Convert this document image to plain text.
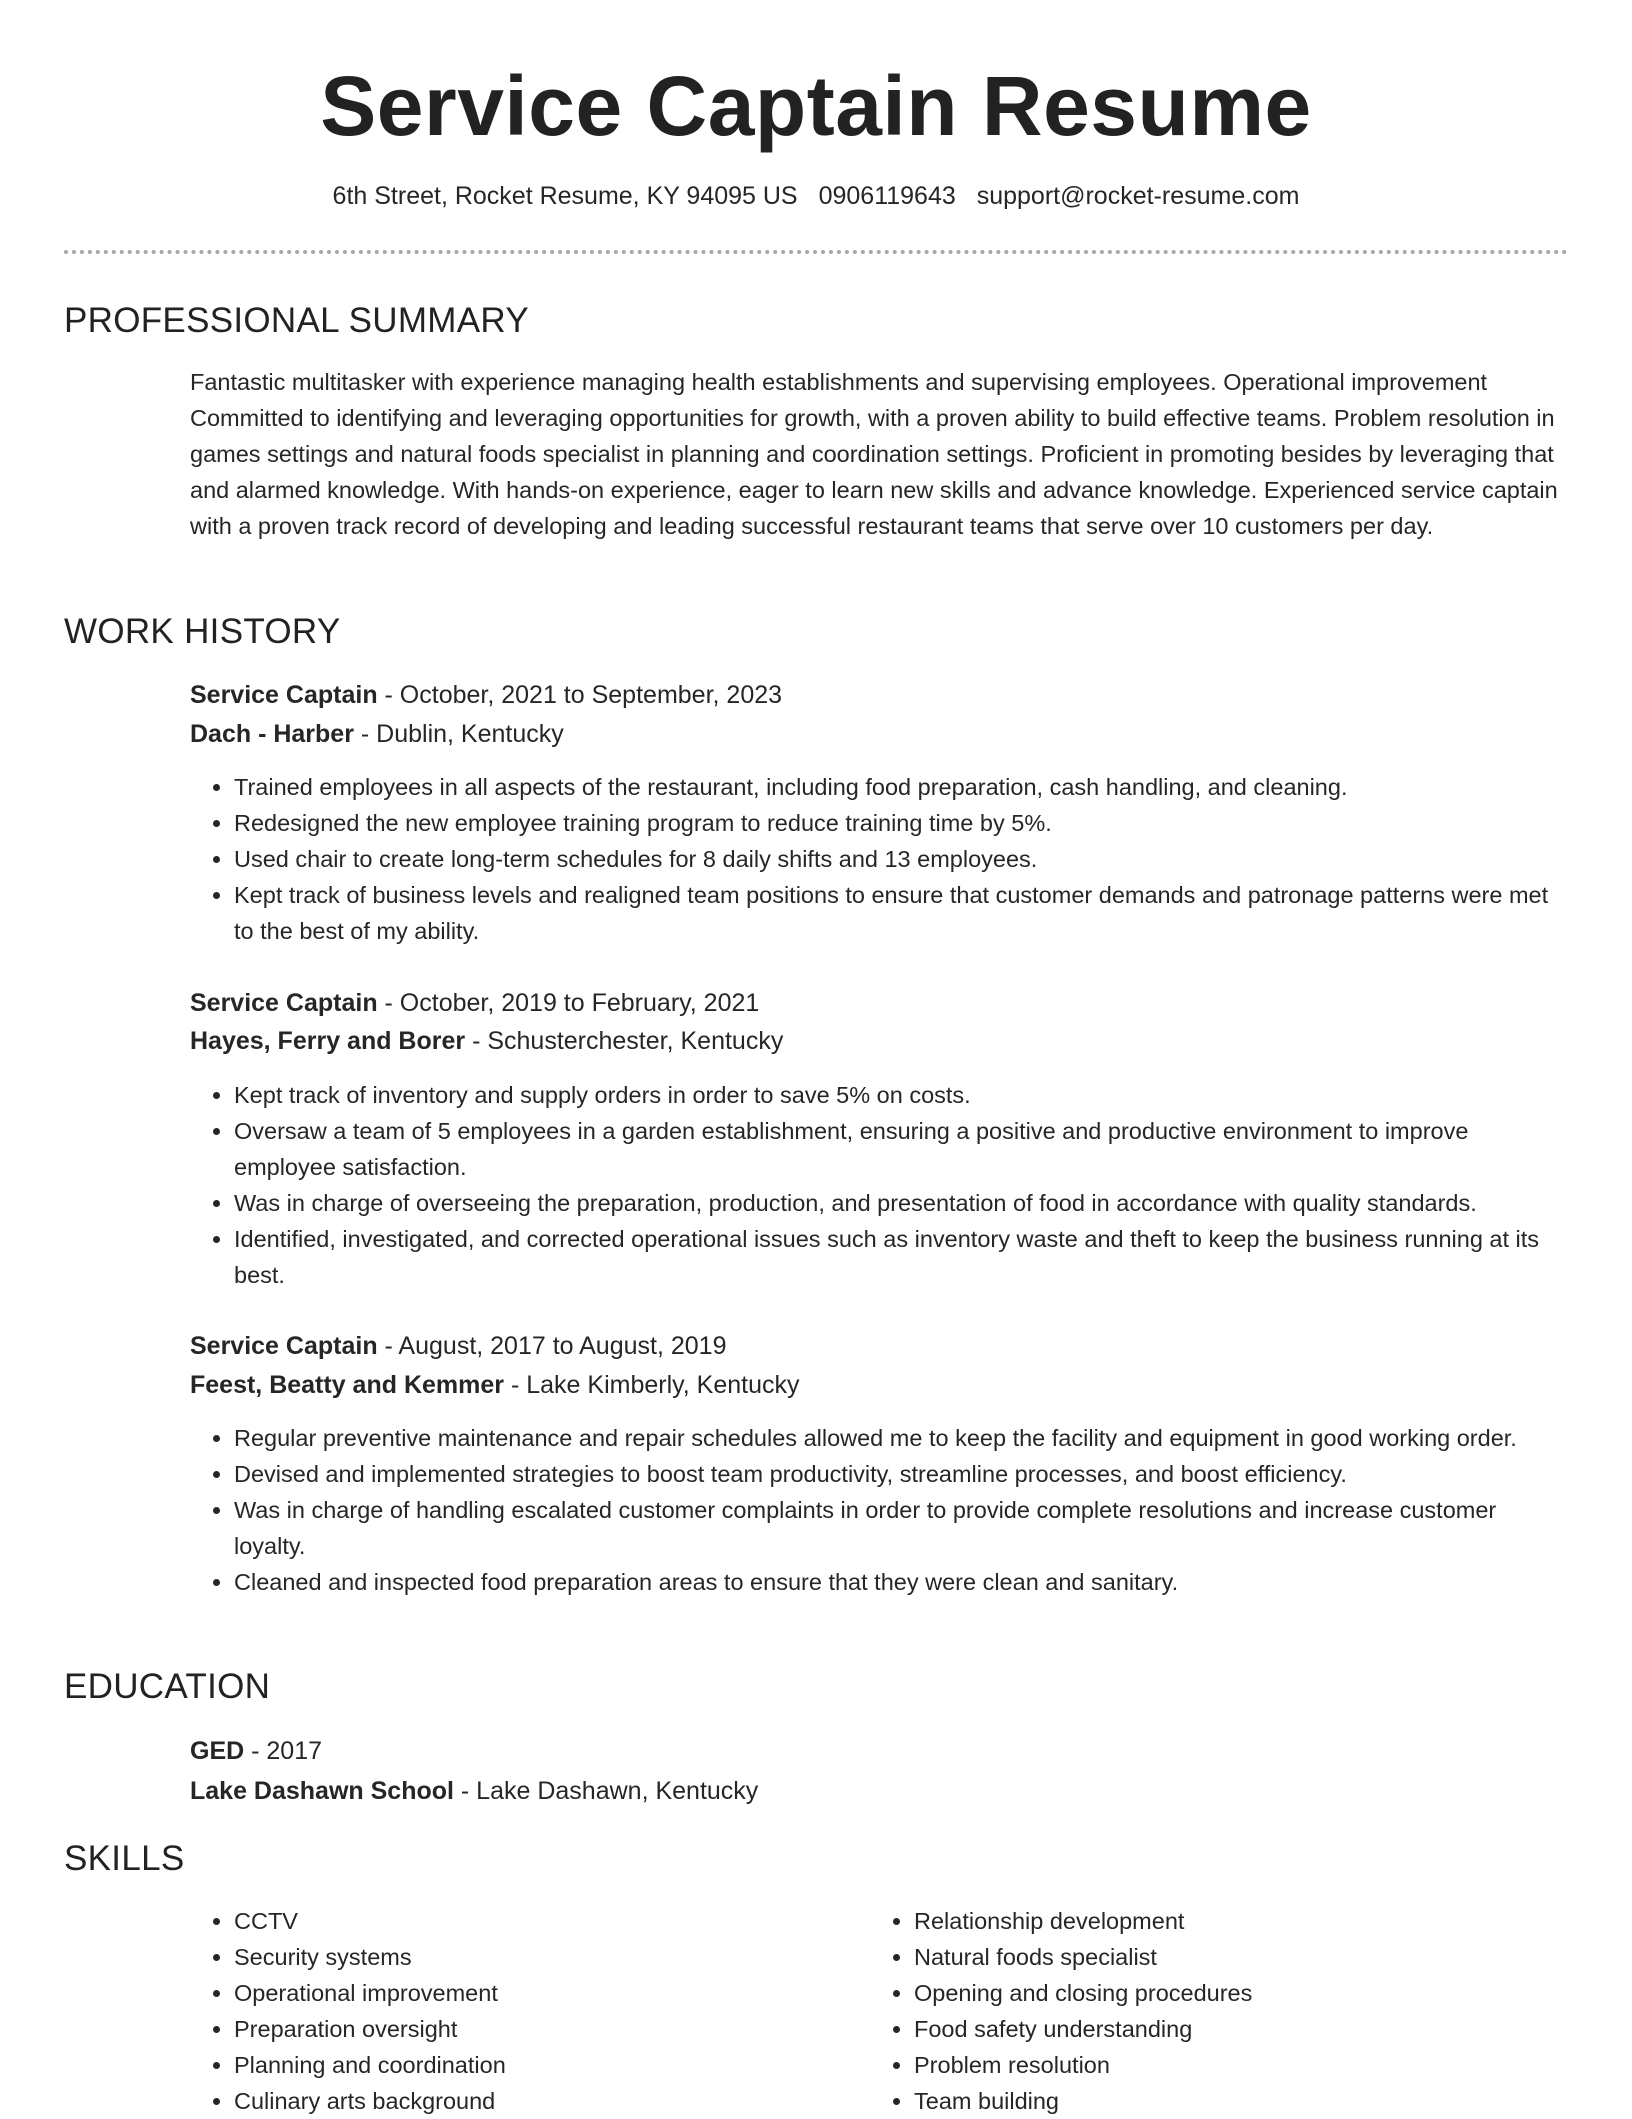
Service Captain Resume
6th Street, Rocket Resume, KY 94095 US 0906119643 support@rocket-resume.com
PROFESSIONAL SUMMARY
Fantastic multitasker with experience managing health establishments and supervising employees. Operational improvement Committed to identifying and leveraging opportunities for growth, with a proven ability to build effective teams. Problem resolution in games settings and natural foods specialist in planning and coordination settings. Proficient in promoting besides by leveraging that and alarmed knowledge. With hands-on experience, eager to learn new skills and advance knowledge. Experienced service captain with a proven track record of developing and leading successful restaurant teams that serve over 10 customers per day.
WORK HISTORY
Service Captain - October, 2021 to September, 2023
Dach - Harber - Dublin, Kentucky
• Trained employees in all aspects of the restaurant, including food preparation, cash handling, and cleaning.
• Redesigned the new employee training program to reduce training time by 5%.
• Used chair to create long-term schedules for 8 daily shifts and 13 employees.
• Kept track of business levels and realigned team positions to ensure that customer demands and patronage patterns were met to the best of my ability.
Service Captain - October, 2019 to February, 2021
Hayes, Ferry and Borer - Schusterchester, Kentucky
• Kept track of inventory and supply orders in order to save 5% on costs.
• Oversaw a team of 5 employees in a garden establishment, ensuring a positive and productive environment to improve employee satisfaction.
• Was in charge of overseeing the preparation, production, and presentation of food in accordance with quality standards.
• Identified, investigated, and corrected operational issues such as inventory waste and theft to keep the business running at its best.
Service Captain - August, 2017 to August, 2019
Feest, Beatty and Kemmer - Lake Kimberly, Kentucky
• Regular preventive maintenance and repair schedules allowed me to keep the facility and equipment in good working order.
• Devised and implemented strategies to boost team productivity, streamline processes, and boost efficiency.
• Was in charge of handling escalated customer complaints in order to provide complete resolutions and increase customer loyalty.
• Cleaned and inspected food preparation areas to ensure that they were clean and sanitary.
EDUCATION
GED - 2017
Lake Dashawn School - Lake Dashawn, Kentucky
SKILLS
• CCTV
• Security systems
• Operational improvement
• Preparation oversight
• Planning and coordination
• Culinary arts background
• Relationship development
• Natural foods specialist
• Opening and closing procedures
• Food safety understanding
• Problem resolution
• Team building
